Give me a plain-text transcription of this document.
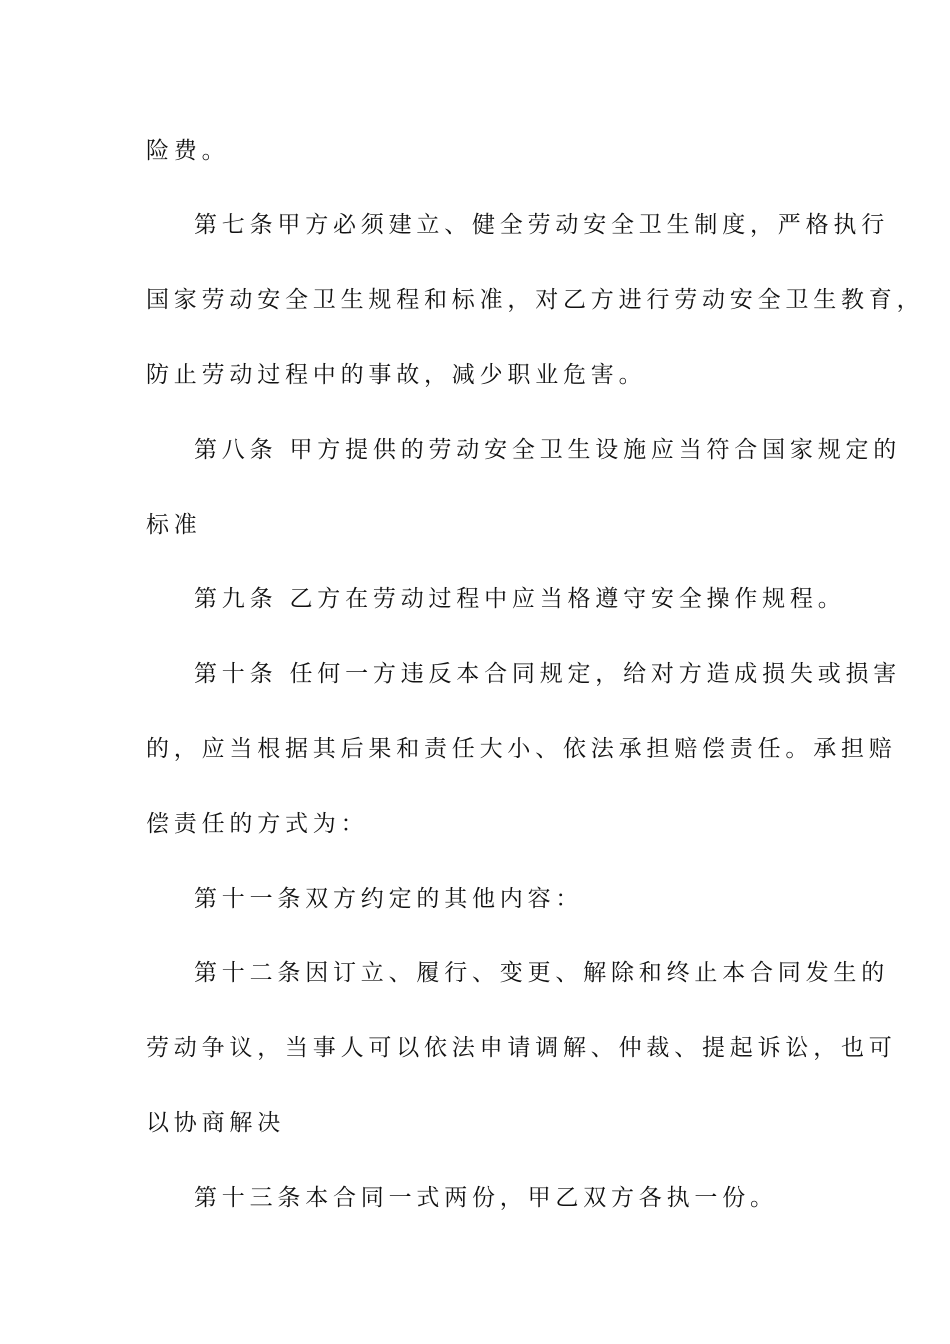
险费。
第七条甲方必须建立、健全劳动安全卫生制度，严格执行
国家劳动安全卫生规程和标准，对乙方进行劳动安全卫生教育，
防止劳动过程中的事故，减少职业危害。
第八条 甲方提供的劳动安全卫生设施应当符合国家规定的
标准
第九条 乙方在劳动过程中应当格遵守安全操作规程。
第十条 任何一方违反本合同规定，给对方造成损失或损害
的，应当根据其后果和责任大小、依法承担赔偿责任。承担赔
偿责任的方式为：
第十一条双方约定的其他内容：
第十二条因订立、履行、变更、解除和终止本合同发生的
劳动争议，当事人可以依法申请调解、仲裁、提起诉讼，也可
以协商解决
第十三条本合同一式两份，甲乙双方各执一份。
